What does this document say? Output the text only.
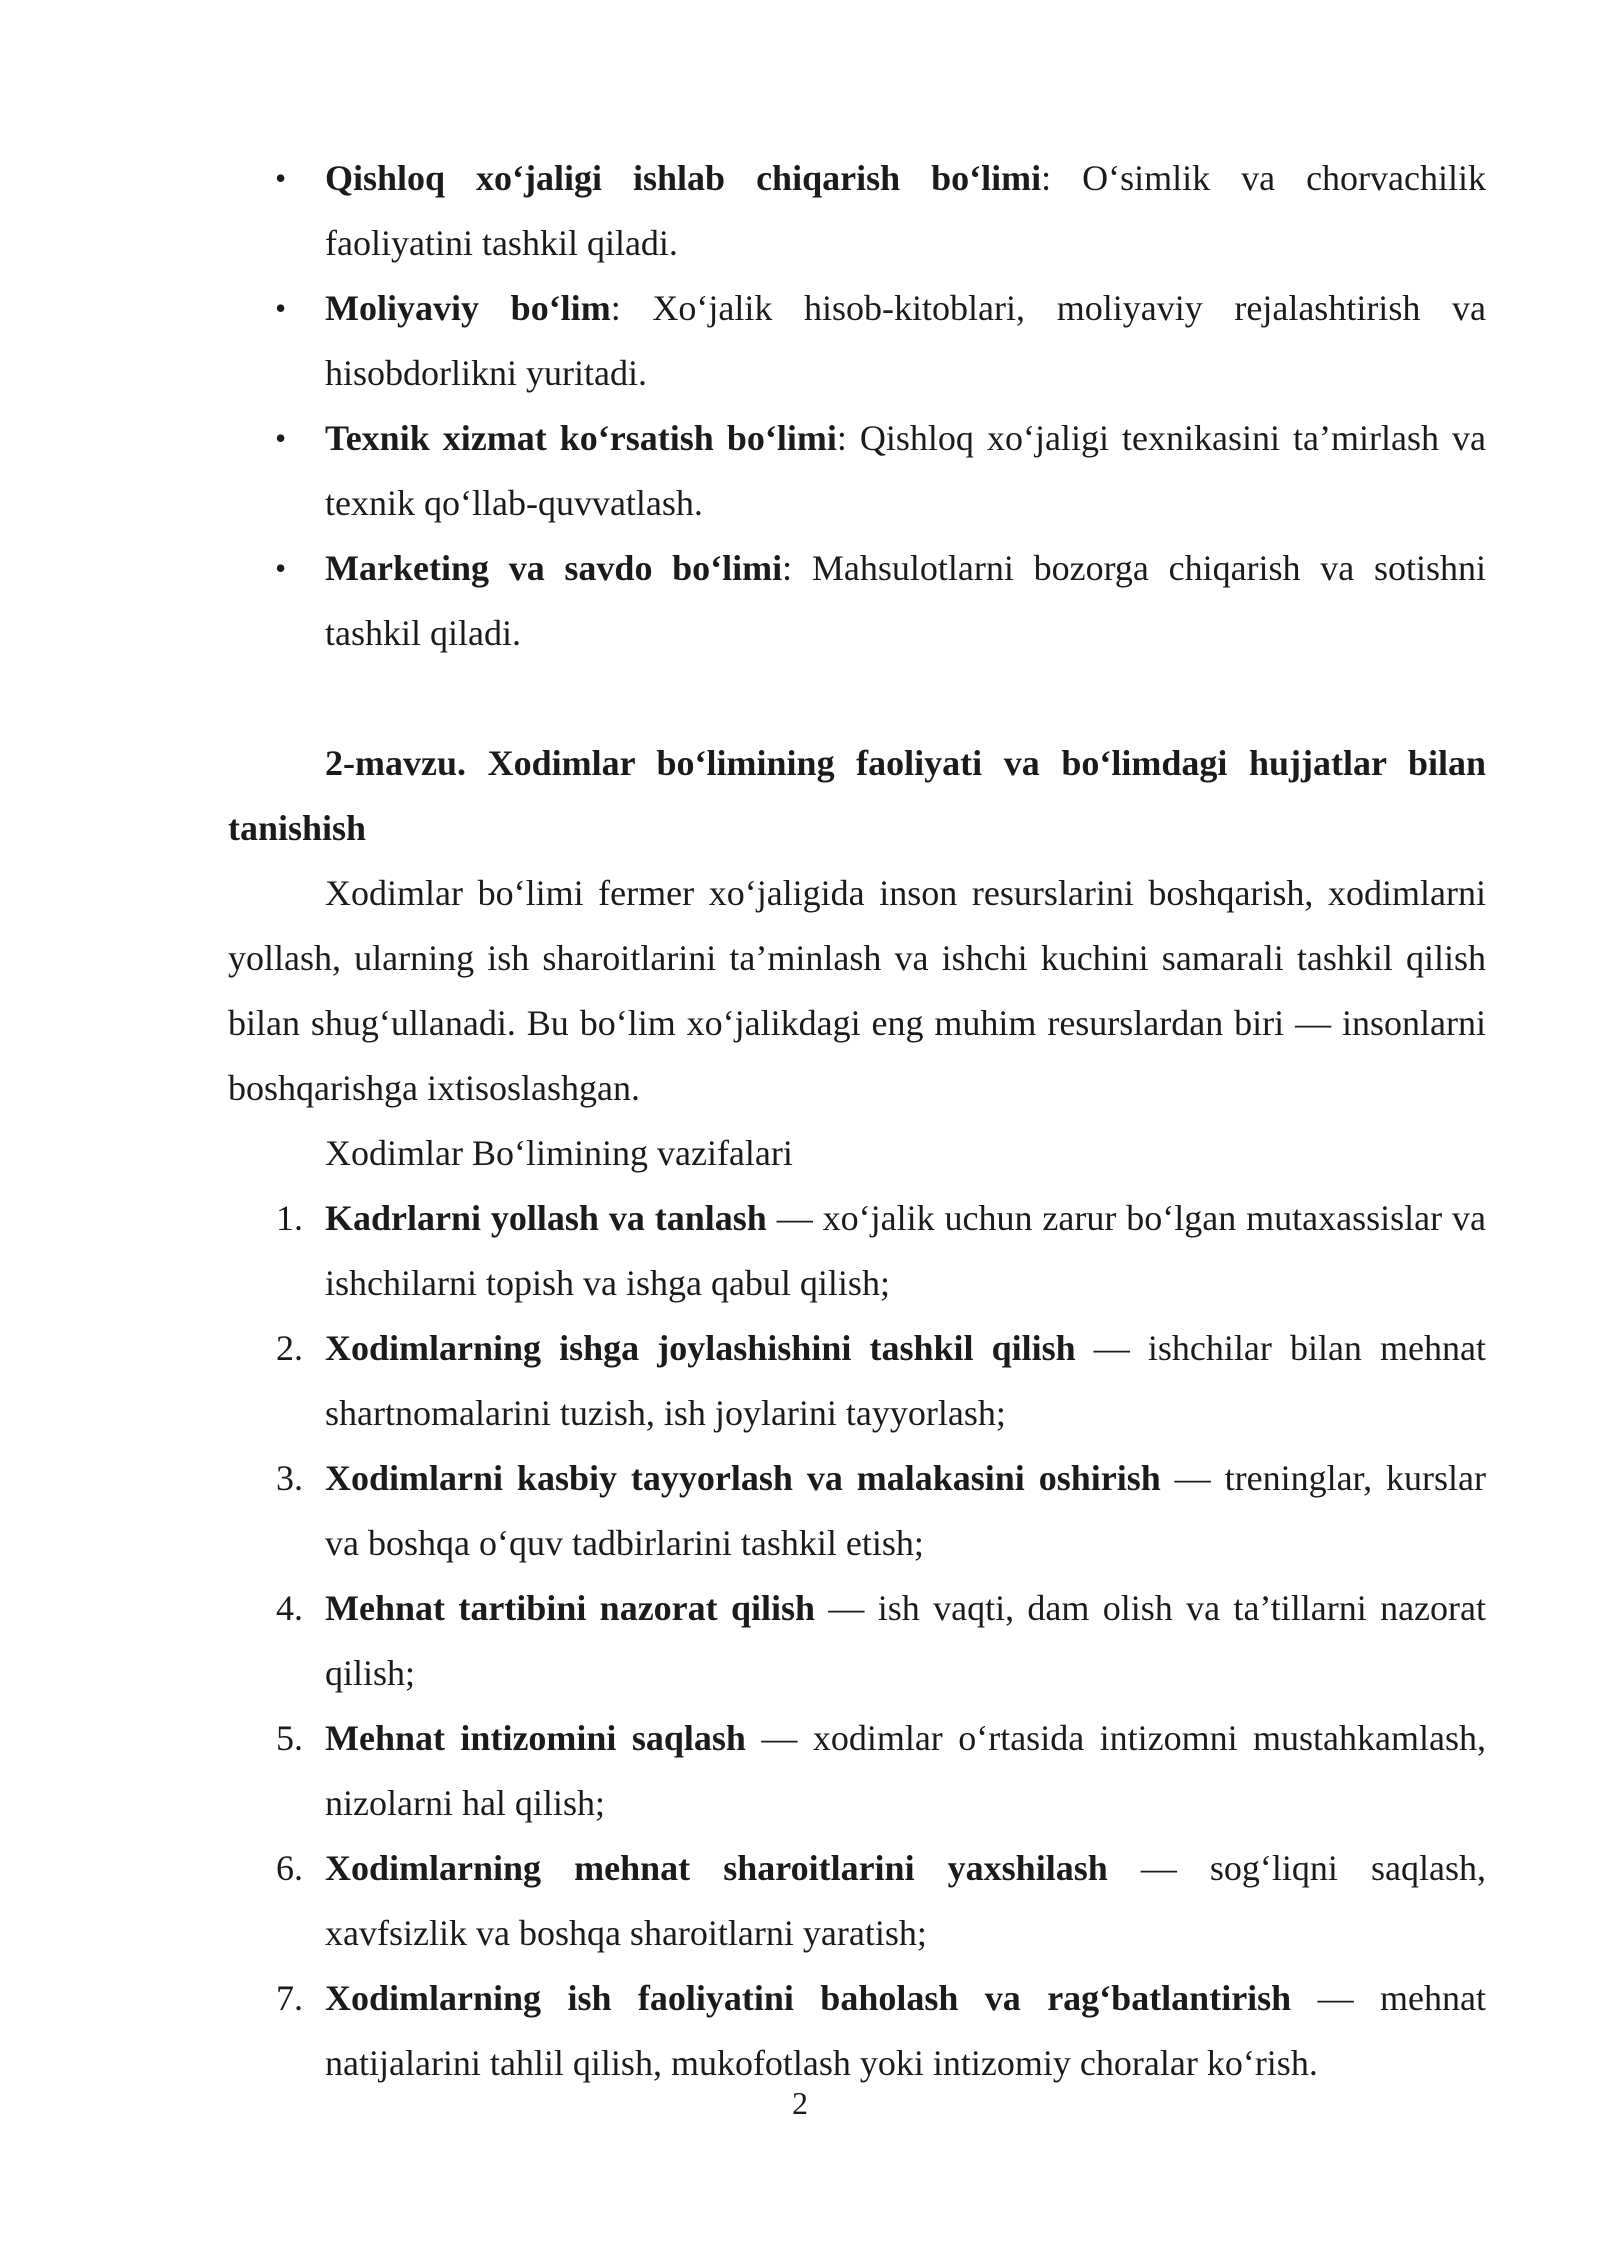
• Qishloq xo‘jaligi ishlab chiqarish bo‘limi: O‘simlik va chorvachilik faoliyatini tashkil qiladi.
• Moliyaviy bo‘lim: Xo‘jalik hisob-kitoblari, moliyaviy rejalashtirish va hisobdorlikni yuritadi.
• Texnik xizmat ko‘rsatish bo‘limi: Qishloq xo‘jaligi texnikasini ta’mirlash va texnik qo‘llab-quvvatlash.
• Marketing va savdo bo‘limi: Mahsulotlarni bozorga chiqarish va sotishni tashkil qiladi.
2-mavzu. Xodimlar bo‘limining faoliyati va bo‘limdagi hujjatlar bilan tanishish

Xodimlar bo‘limi fermer xo‘jaligida inson resurslarini boshqarish, xodimlarni yollash, ularning ish sharoitlarini ta’minlash va ishchi kuchini samarali tashkil qilish bilan shug‘ullanadi. Bu bo‘lim xo‘jalikdagi eng muhim resurslardan biri — insonlarni boshqarishga ixtisoslashgan.

Xodimlar Bo‘limining vazifalari
1. Kadrlarni yollash va tanlash — xo‘jalik uchun zarur bo‘lgan mutaxassislar va ishchilarni topish va ishga qabul qilish;
2. Xodimlarning ishga joylashishini tashkil qilish — ishchilar bilan mehnat shartnomalarini tuzish, ish joylarini tayyorlash;
3. Xodimlarni kasbiy tayyorlash va malakasini oshirish — treninglar, kurslar va boshqa o‘quv tadbirlarini tashkil etish;
4. Mehnat tartibini nazorat qilish — ish vaqti, dam olish va ta’tillarni nazorat qilish;
5. Mehnat intizomini saqlash — xodimlar o‘rtasida intizomni mustahkamlash, nizolarni hal qilish;
6. Xodimlarning mehnat sharoitlarini yaxshilash — sog‘liqni saqlash, xavfsizlik va boshqa sharoitlarni yaratish;
7. Xodimlarning ish faoliyatini baholash va rag‘batlantirish — mehnat natijalarini tahlil qilish, mukofotlash yoki intizomiy choralar ko‘rish.
2
